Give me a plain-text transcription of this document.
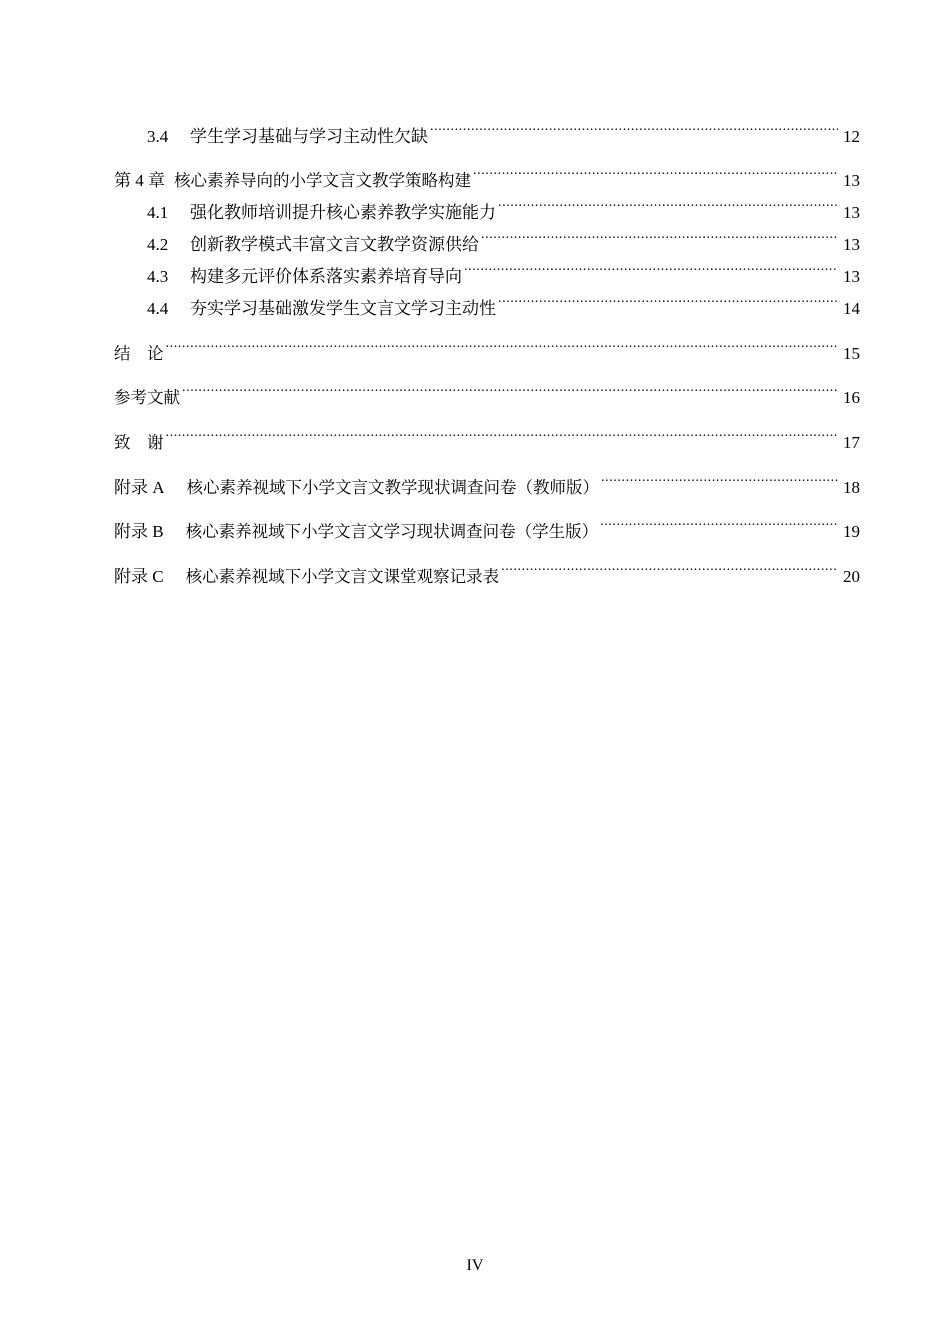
3.4	学生学习基础与学习主动性欠缺 .....	12
第 4 章 核心素养导向的小学文言文教学策略构建 .....	13
4.1	强化教师培训提升核心素养教学实施能力 .....	13
4.2	创新教学模式丰富文言文教学资源供给 .....	13
4.3	构建多元评价体系落实素养培育导向 .....	13
4.4	夯实学习基础激发学生文言文学习主动性 .....	14
结　论 .....	15
参考文献 .....	16
致　谢 .....	17
附录 A 核心素养视域下小学文言文教学现状调查问卷（教师版） .....	18
附录 B 核心素养视域下小学文言文学习现状调查问卷（学生版） .....	19
附录 C 核心素养视域下小学文言文课堂观察记录表 .....	20
IV
